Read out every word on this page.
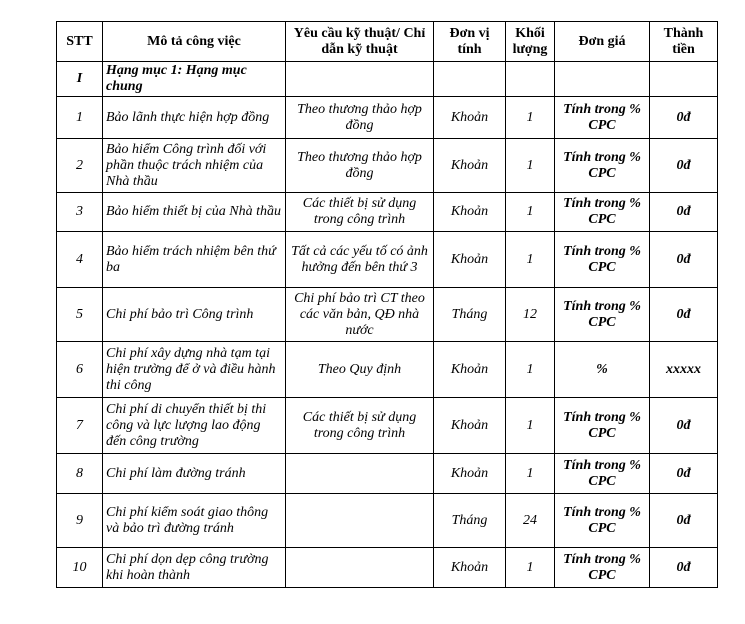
STT	Mô tả công việc	Yêu cầu kỹ thuật/ Chỉ dẫn kỹ thuật	Đơn vị tính	Khối lượng	Đơn giá	Thành tiền
I	Hạng mục 1: Hạng mục chung					
1	Bảo lãnh thực hiện hợp đồng	Theo thương thảo hợp đồng	Khoản	1	Tính trong % CPC	0đ
2	Bảo hiểm Công trình đối với phần thuộc trách nhiệm của Nhà thầu	Theo thương thảo hợp đồng	Khoản	1	Tính trong % CPC	0đ
3	Bảo hiểm thiết bị của Nhà thầu	Các thiết bị sử dụng trong công trình	Khoản	1	Tính trong % CPC	0đ
4	Bảo hiểm trách nhiệm bên thứ ba	Tất cả các yếu tố có ảnh hưởng đến bên thứ 3	Khoản	1	Tính trong % CPC	0đ
5	Chi phí bảo trì Công trình	Chi phí bảo trì CT theo các văn bản, QĐ nhà nước	Tháng	12	Tính trong % CPC	0đ
6	Chi phí xây dựng nhà tạm tại hiện trường để ở và điều hành thi công	Theo Quy định	Khoản	1	%	xxxxx
7	Chi phí di chuyển thiết bị thi công và lực lượng lao động đến công trường	Các thiết bị sử dụng trong công trình	Khoản	1	Tính trong % CPC	0đ
8	Chi phí làm đường tránh		Khoản	1	Tính trong % CPC	0đ
9	Chi phí kiểm soát giao thông và bảo trì đường tránh		Tháng	24	Tính trong % CPC	0đ
10	Chi phí dọn dẹp công trường khi hoàn thành		Khoản	1	Tính trong % CPC	0đ
